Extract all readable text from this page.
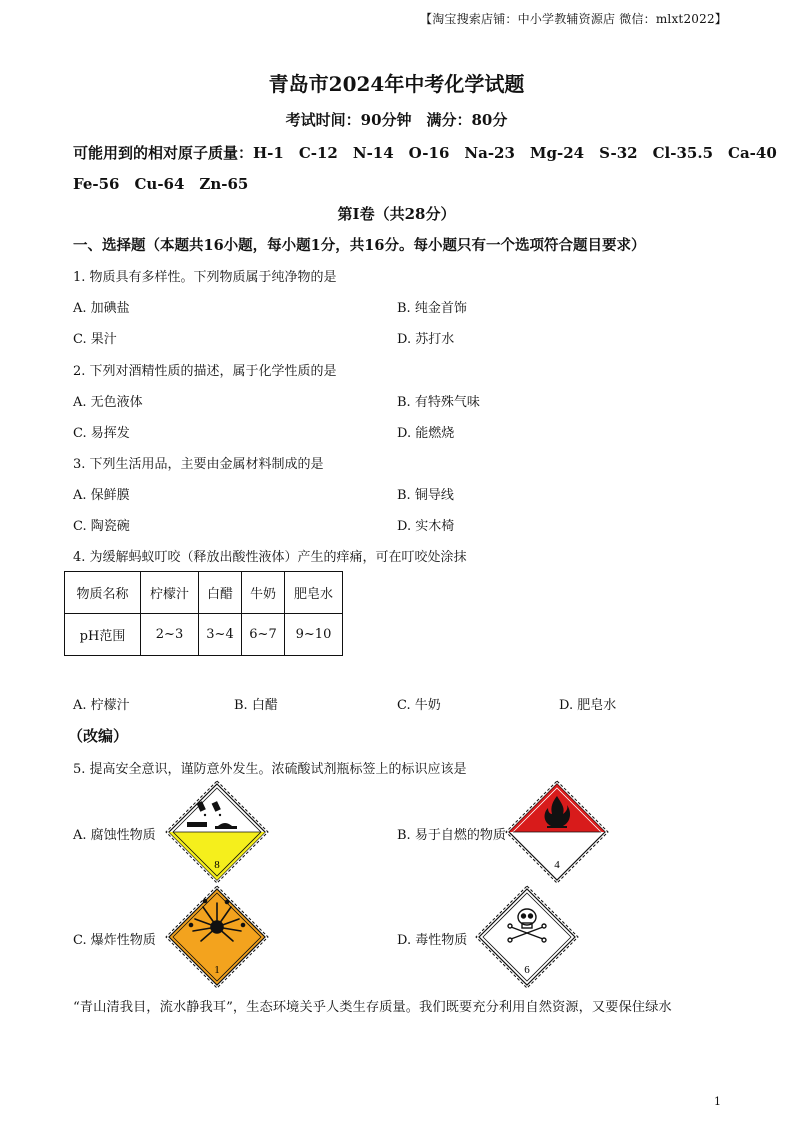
【淘宝搜索店铺：中小学教辅资源店 微信：mlxt2022】
青岛市2024年中考化学试题
考试时间：90分钟　满分：80分
可能用到的相对原子质量：H-1　C-12　N-14　O-16　Na-23　Mg-24　S-32　Cl-35.5　Ca-40
Fe-56　Cu-64　Zn-65
第Ⅰ卷（共28分）
一、选择题（本题共16小题，每小题1分，共16分。每小题只有一个选项符合题目要求）
1. 物质具有多样性。下列物质属于纯净物的是
A. 加碘盐	B. 纯金首饰
C. 果汁	D. 苏打水
2. 下列对酒精性质的描述，属于化学性质的是
A. 无色液体	B. 有特殊气味
C. 易挥发	D. 能燃烧
3. 下列生活用品，主要由金属材料制成的是
A. 保鲜膜	B. 铜导线
C. 陶瓷碗	D. 实木椅
4. 为缓解蚂蚁叮咬（释放出酸性液体）产生的痒痛，可在叮咬处涂抹
物质名称	柠檬汁	白醋	牛奶	肥皂水
pH范围	2~3	3~4	6~7	9~10
A. 柠檬汁	B. 白醋	C. 牛奶	D. 肥皂水
（改编）
5. 提高安全意识，谨防意外发生。浓硫酸试剂瓶标签上的标识应该是
A. 腐蚀性物质	B. 易于自燃的物质
C. 爆炸性物质	D. 毒性物质
8	4
1	6
“青山清我目，流水静我耳”，生态环境关乎人类生存质量。我们既要充分利用自然资源，又要保住绿水
1
